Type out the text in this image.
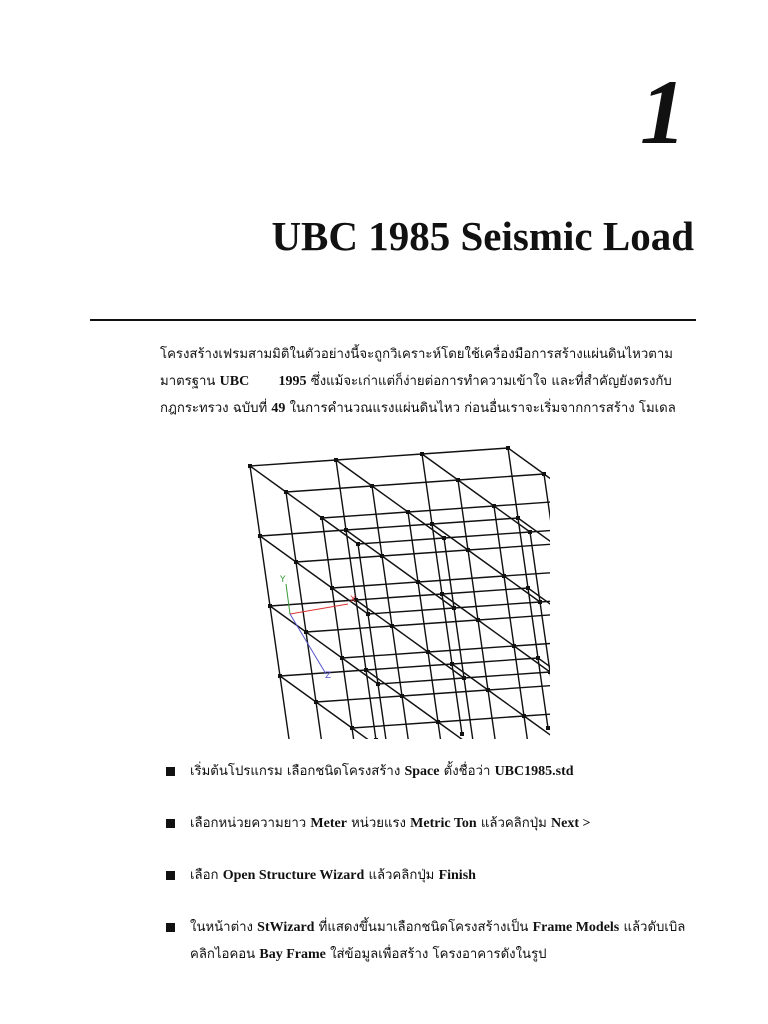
1
UBC 1985 Seismic Load

โครงสร้างเฟรมสามมิติในตัวอย่างนี้จะถูกวิเคราะห์โดยใช้เครื่องมือการสร้างแผ่นดินไหวตาม
มาตรฐาน UBC 1995 ซึ่งแม้จะเก่าแต่ก็ง่ายต่อการทำความเข้าใจ และที่สำคัญยังตรงกับ
กฎกระทรวง ฉบับที่ 49 ในการคำนวณแรงแผ่นดินไหว ก่อนอื่นเราจะเริ่มจากการสร้าง โมเดล

Y
X
Z
เริ่มต้นโปรแกรม เลือกชนิดโครงสร้าง Space ตั้งชื่อว่า UBC1985.std
เลือกหน่วยความยาว Meter หน่วยแรง Metric Ton แล้วคลิกปุ่ม Next >
เลือก Open Structure Wizard แล้วคลิกปุ่ม Finish
ในหน้าต่าง StWizard ที่แสดงขึ้นมาเลือกชนิดโครงสร้างเป็น Frame Models แล้วดับเบิล
คลิกไอคอน Bay Frame ใส่ข้อมูลเพื่อสร้าง โครงอาคารดังในรูป
